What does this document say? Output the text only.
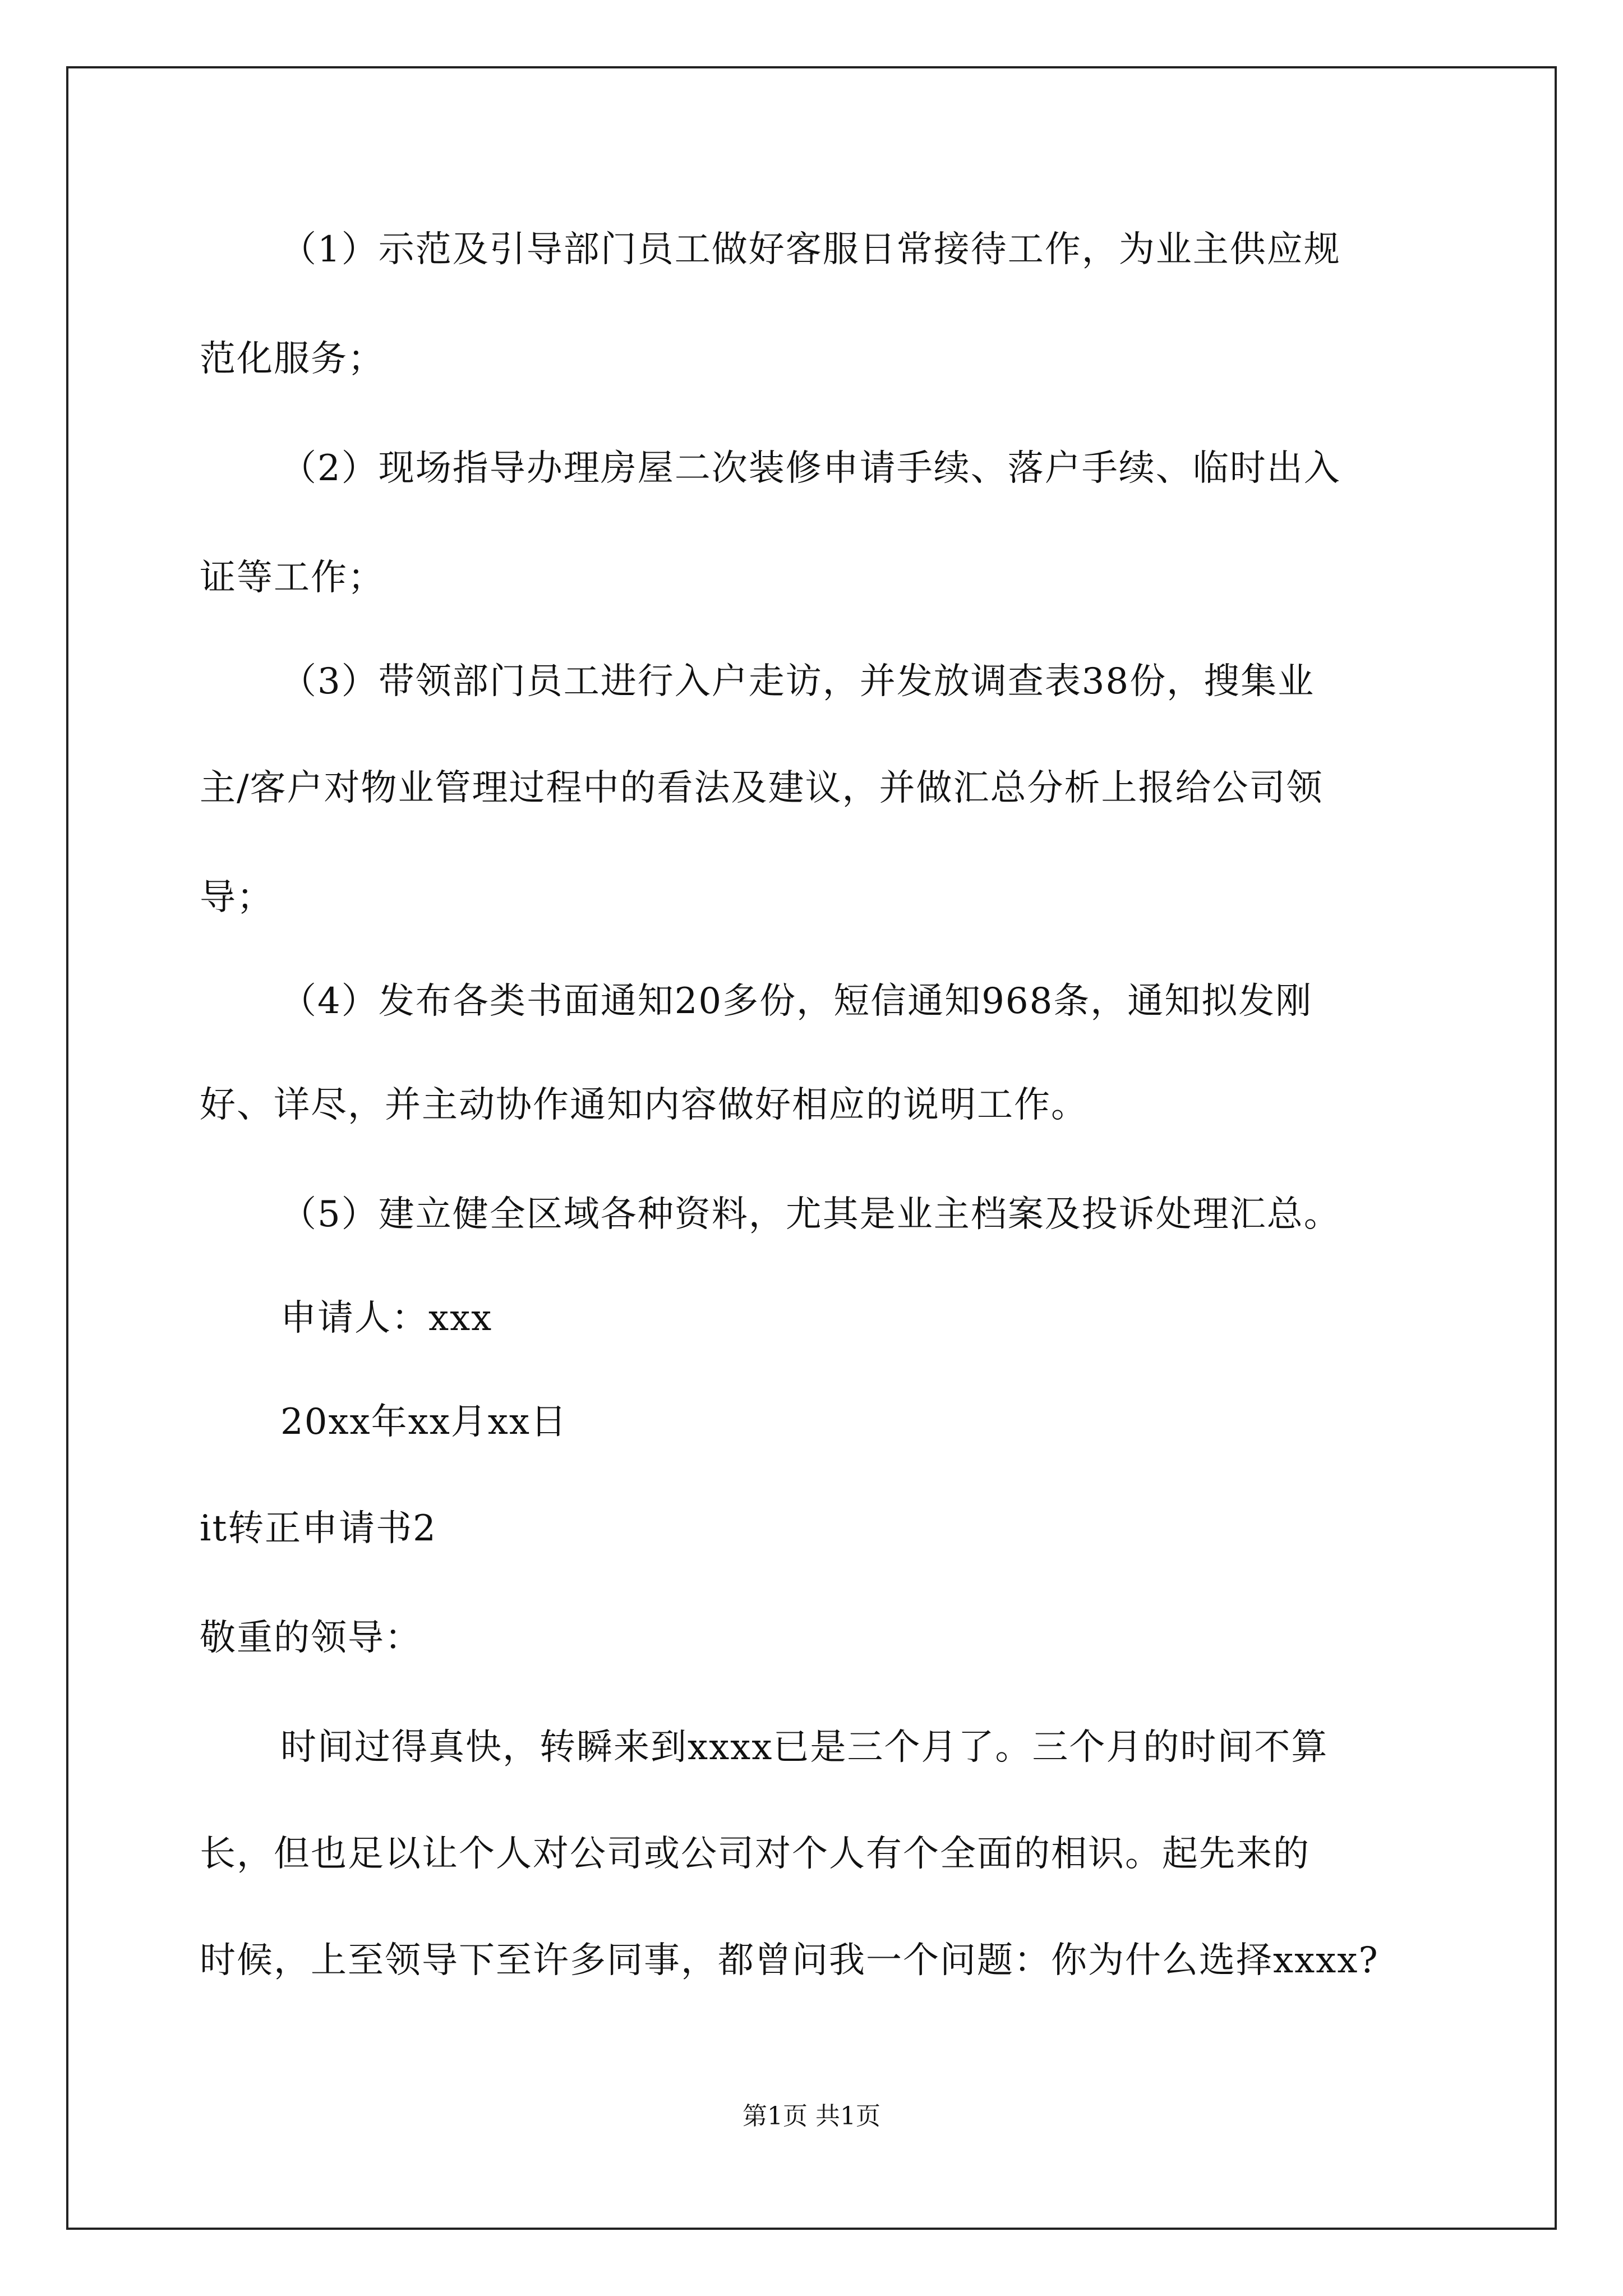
（1）示范及引导部门员工做好客服日常接待工作，为业主供应规
范化服务；
（2）现场指导办理房屋二次装修申请手续、落户手续、临时出入
证等工作；
（3）带领部门员工进行入户走访，并发放调查表38份，搜集业
主/客户对物业管理过程中的看法及建议，并做汇总分析上报给公司领
导；
（4）发布各类书面通知20多份，短信通知968条，通知拟发刚
好、详尽，并主动协作通知内容做好相应的说明工作。
（5）建立健全区域各种资料，尤其是业主档案及投诉处理汇总。
申请人：xxx
20xx年xx月xx日
it转正申请书2
敬重的领导：
时间过得真快，转瞬来到xxxx已是三个月了。三个月的时间不算
长，但也足以让个人对公司或公司对个人有个全面的相识。起先来的
时候，上至领导下至许多同事，都曾问我一个问题：你为什么选择xxxx?
第1页 共1页
